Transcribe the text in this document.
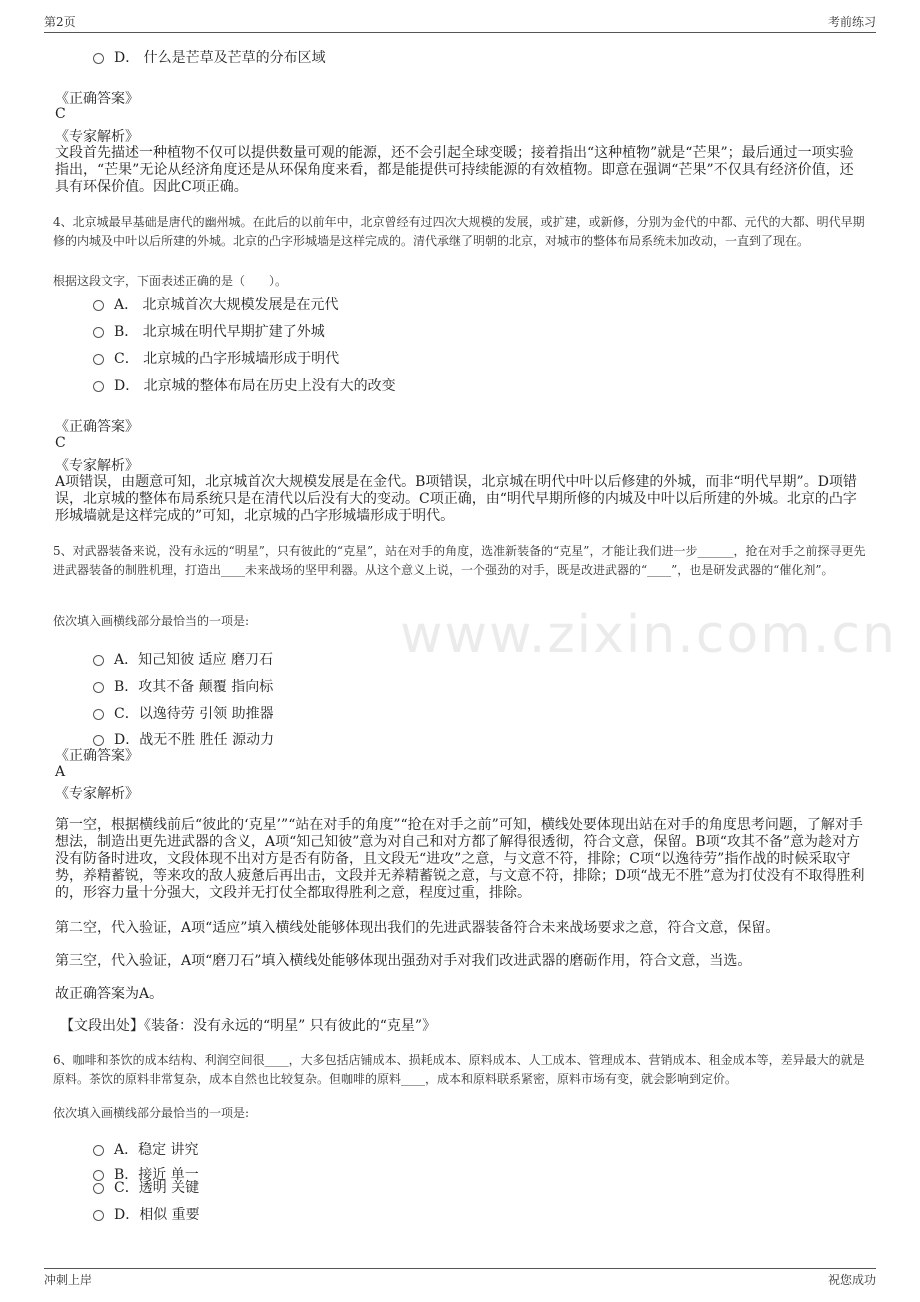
第2页	考前练习
www.zixin.com.cn
D． 什么是芒草及芒草的分布区域
《正确答案》
C
《专家解析》
文段首先描述一种植物不仅可以提供数量可观的能源，还不会引起全球变暖；接着指出“这种植物”就是“芒果”；最后通过一项实验指出，“芒果”无论从经济角度还是从环保角度来看，都是能提供可持续能源的有效植物。即意在强调“芒果”不仅具有经济价值，还具有环保价值。因此C项正确。
4、北京城最早基础是唐代的幽州城。在此后的以前年中，北京曾经有过四次大规模的发展，或扩建，或新修，分别为金代的中都、元代的大都、明代早期修的内城及中叶以后所建的外城。北京的凸字形城墙是这样完成的。清代承继了明朝的北京，对城市的整体布局系统未加改动，一直到了现在。
根据这段文字，下面表述正确的是（　　）。
A． 北京城首次大规模发展是在元代
B． 北京城在明代早期扩建了外城
C． 北京城的凸字形城墙形成于明代
D． 北京城的整体布局在历史上没有大的改变
《正确答案》
C
《专家解析》
A项错误，由题意可知，北京城首次大规模发展是在金代。B项错误，北京城在明代中叶以后修建的外城，而非“明代早期”。D项错误，北京城的整体布局系统只是在清代以后没有大的变动。C项正确，由“明代早期所修的内城及中叶以后所建的外城。北京的凸字形城墙就是这样完成的”可知，北京城的凸字形城墙形成于明代。
5、对武器装备来说，没有永远的“明星”，只有彼此的“克星”，站在对手的角度，选准新装备的“克星”，才能让我们进一步______，抢在对手之前探寻更先进武器装备的制胜机理，打造出____未来战场的坚甲利器。从这个意义上说，一个强劲的对手，既是改进武器的“____”，也是研发武器的“催化剂”。
依次填入画横线部分最恰当的一项是:
A．知己知彼 适应 磨刀石
B．攻其不备 颠覆 指向标
C．以逸待劳 引领 助推器
D．战无不胜 胜任 源动力
《正确答案》
A
《专家解析》
第一空，根据横线前后“彼此的‘克星’”“站在对手的角度”“抢在对手之前”可知，横线处要体现出站在对手的角度思考问题，了解对手想法，制造出更先进武器的含义，A项“知己知彼”意为对自己和对方都了解得很透彻，符合文意，保留。B项“攻其不备”意为趁对方没有防备时进攻，文段体现不出对方是否有防备，且文段无“进攻”之意，与文意不符，排除；C项“以逸待劳”指作战的时候采取守势，养精蓄锐，等来攻的敌人疲惫后再出击，文段并无养精蓄锐之意，与文意不符，排除；D项“战无不胜”意为打仗没有不取得胜利的，形容力量十分强大，文段并无打仗全都取得胜利之意，程度过重，排除。
第二空，代入验证，A项“适应”填入横线处能够体现出我们的先进武器装备符合未来战场要求之意，符合文意，保留。
第三空，代入验证，A项“磨刀石”填入横线处能够体现出强劲对手对我们改进武器的磨砺作用，符合文意，当选。
故正确答案为A。
【文段出处】《装备：没有永远的“明星” 只有彼此的“克星”》
6、咖啡和茶饮的成本结构、利润空间很____，大多包括店铺成本、损耗成本、原料成本、人工成本、管理成本、营销成本、租金成本等，差异最大的就是原料。茶饮的原料非常复杂，成本自然也比较复杂。但咖啡的原料____，成本和原料联系紧密，原料市场有变，就会影响到定价。
依次填入画横线部分最恰当的一项是:
A．稳定 讲究
B．接近 单一
C．透明 关键
D．相似 重要
冲刺上岸	祝您成功
